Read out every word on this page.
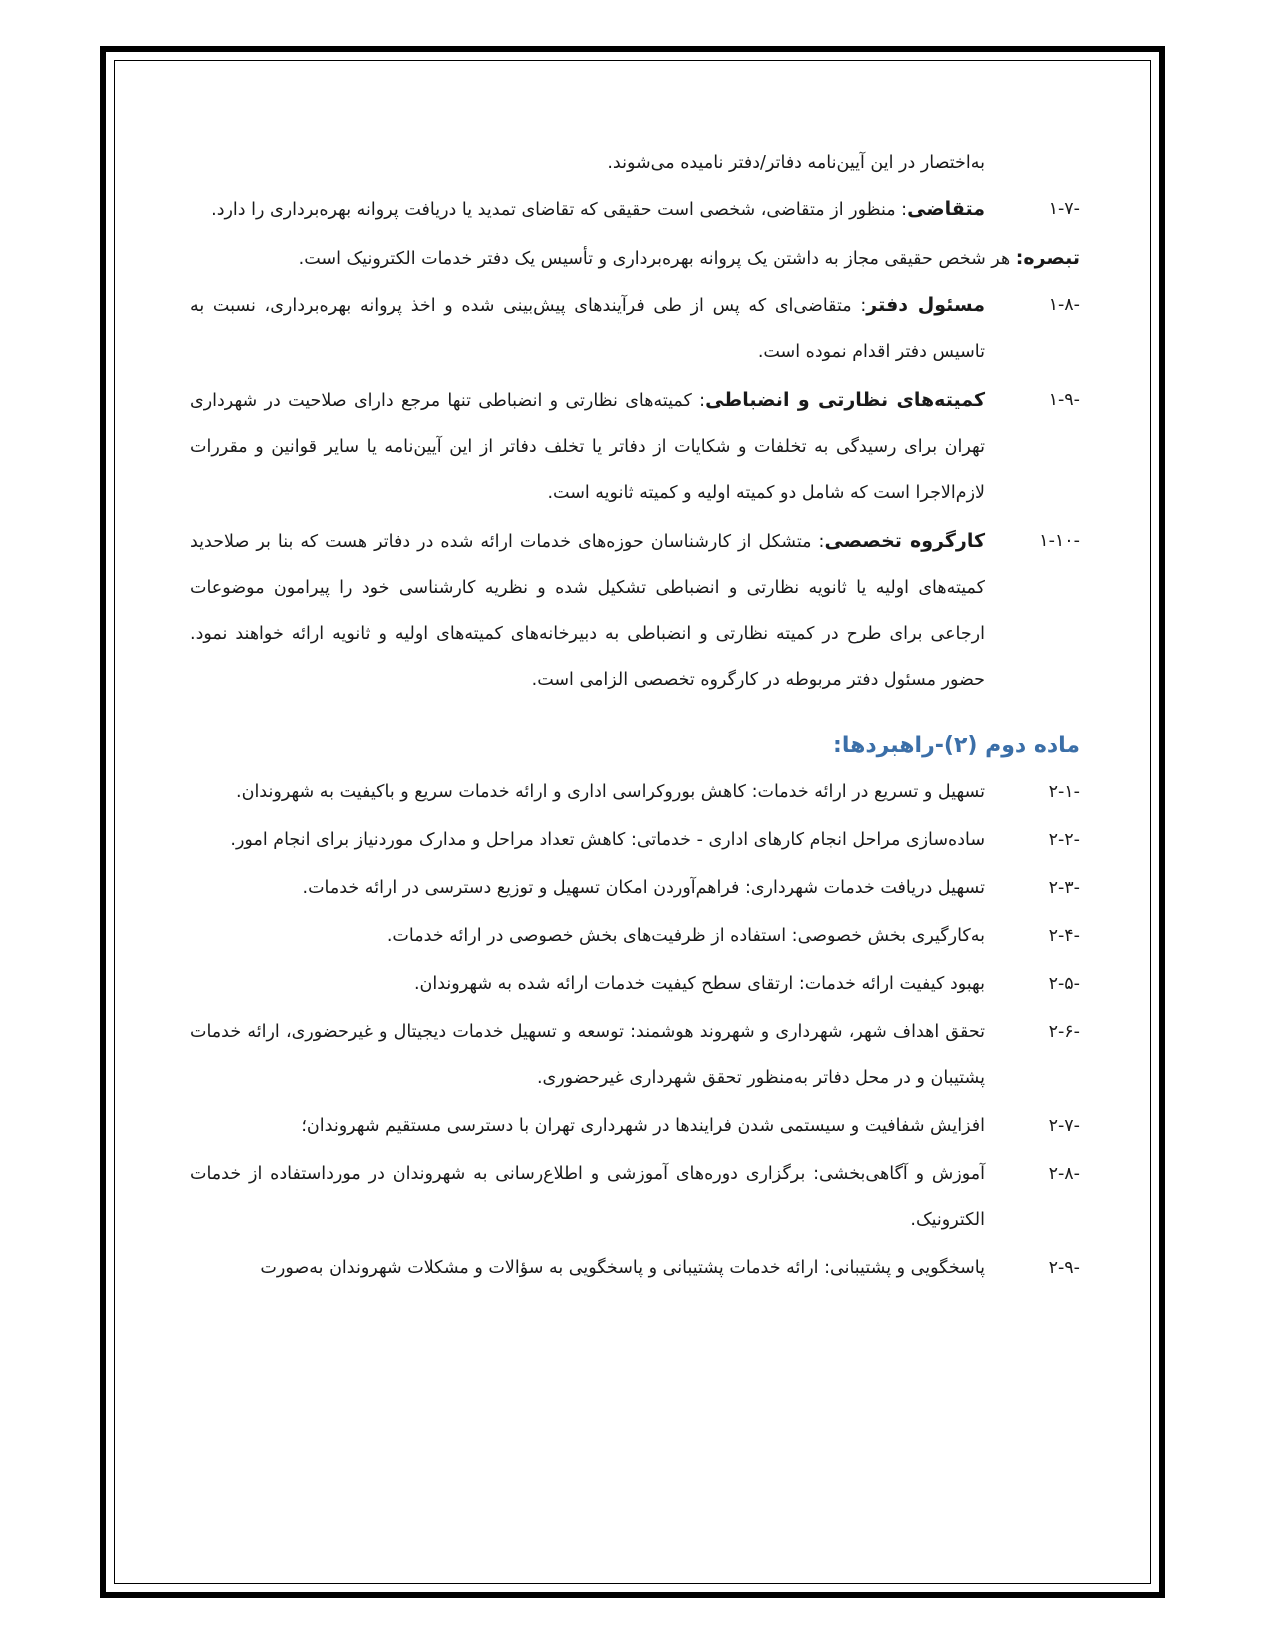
به‌اختصار در این آیین‌نامه دفاتر/دفتر نامیده می‌شوند.
۱-۷-
متقاضی: منظور از متقاضی، شخصی است حقیقی که تقاضای تمدید یا دریافت پروانه بهره‌برداری را دارد.
تبصره: هر شخص حقیقی مجاز به داشتن یک پروانه بهره‌برداری و تأسیس یک دفتر خدمات الکترونیک است.
۱-۸-
مسئول دفتر: متقاضی‌ای که پس از طی فرآیندهای پیش‌بینی شده و اخذ پروانه بهره‌برداری، نسبت به تاسیس دفتر اقدام نموده است.
۱-۹-
کمیته‌های نظارتی و انضباطی: کمیته‌های نظارتی و انضباطی تنها مرجع دارای صلاحیت در شهرداری تهران برای رسیدگی به تخلفات و شکایات از دفاتر یا تخلف دفاتر از این آیین‌نامه یا سایر قوانین و مقررات لازم‌الاجرا است که شامل دو کمیته اولیه و کمیته ثانویه است.
۱-۱۰-
کارگروه تخصصی: متشکل از کارشناسان حوزه‌های خدمات ارائه شده در دفاتر هست که بنا بر صلاحدید کمیته‌های اولیه یا ثانویه نظارتی و انضباطی تشکیل شده و نظریه کارشناسی خود را پیرامون موضوعات ارجاعی برای طرح در کمیته نظارتی و انضباطی به دبیرخانه‌های کمیته‌های اولیه و ثانویه ارائه خواهند نمود. حضور مسئول دفتر مربوطه در کارگروه تخصصی الزامی است.
ماده دوم (۲)-راهبردها:
۲-۱-
تسهیل و تسریع در ارائه خدمات: کاهش بوروکراسی اداری و ارائه خدمات سریع و باکیفیت به شهروندان.
۲-۲-
ساده‌سازی مراحل انجام کارهای اداری - خدماتی: کاهش تعداد مراحل و مدارک موردنیاز برای انجام امور.
۲-۳-
تسهیل دریافت خدمات شهرداری: فراهم‌آوردن امکان تسهیل و توزیع دسترسی در ارائه خدمات.
۲-۴-
به‌کارگیری بخش خصوصی: استفاده از ظرفیت‌های بخش خصوصی در ارائه خدمات.
۲-۵-
بهبود کیفیت ارائه خدمات: ارتقای سطح کیفیت خدمات ارائه شده به شهروندان.
۲-۶-
تحقق اهداف شهر، شهرداری و شهروند هوشمند: توسعه و تسهیل خدمات دیجیتال و غیرحضوری، ارائه خدمات پشتیبان و در محل دفاتر به‌منظور تحقق شهرداری غیرحضوری.
۲-۷-
افزایش شفافیت و سیستمی شدن فرایندها در شهرداری تهران با دسترسی مستقیم شهروندان؛
۲-۸-
آموزش و آگاهی‌بخشی: برگزاری دوره‌های آموزشی و اطلاع‌رسانی به شهروندان در مورداستفاده از خدمات الکترونیک.
۲-۹-
پاسخگویی و پشتیبانی: ارائه خدمات پشتیبانی و پاسخگویی به سؤالات و مشکلات شهروندان به‌صورت
